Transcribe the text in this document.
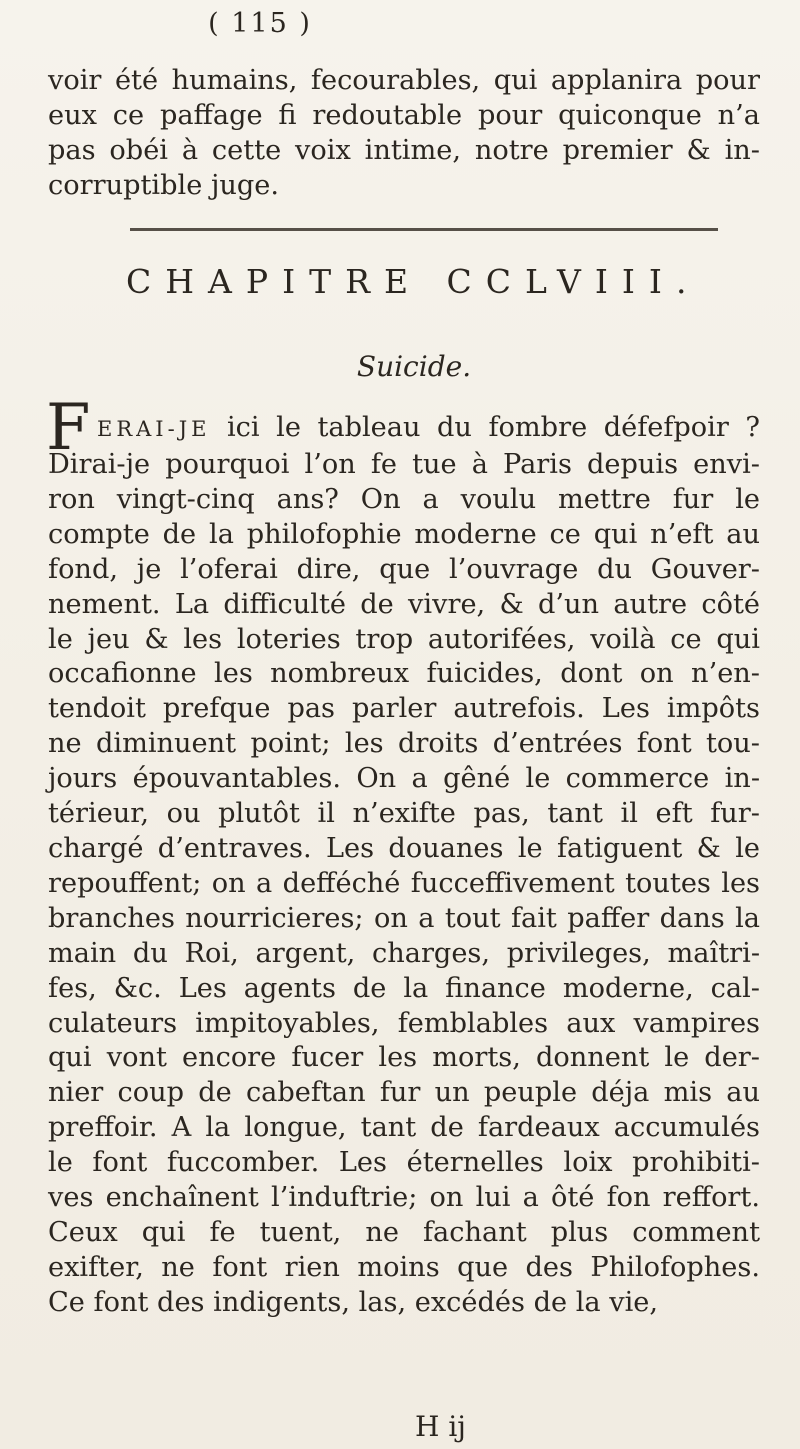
( 115 )
voir été humains, fecourables, qui applanira pour
eux ce paffage fi redoutable pour quiconque n’a
pas obéi à cette voix intime, notre premier & in-
corruptible juge.
CHAPITRE CCLVIII.
Suicide.
F ERAI-JE ici le tableau du fombre défefpoir ?
Dirai-je pourquoi l’on fe tue à Paris depuis envi-
ron vingt-cinq ans? On a voulu mettre fur le
compte de la philofophie moderne ce qui n’eft au
fond, je l’oferai dire, que l’ouvrage du Gouver-
nement. La difficulté de vivre, & d’un autre côté
le jeu & les loteries trop autorifées, voilà ce qui
occafionne les nombreux fuicides, dont on n’en-
tendoit prefque pas parler autrefois. Les impôts
ne diminuent point; les droits d’entrées font tou-
jours épouvantables. On a gêné le commerce in-
térieur, ou plutôt il n’exifte pas, tant il eft fur-
chargé d’entraves. Les douanes le fatiguent & le
repouffent; on a defféché fucceffivement toutes les
branches nourricieres; on a tout fait paffer dans la
main du Roi, argent, charges, privileges, maîtri-
fes, &c. Les agents de la finance moderne, cal-
culateurs impitoyables, femblables aux vampires
qui vont encore fucer les morts, donnent le der-
nier coup de cabeftan fur un peuple déja mis au
preffoir. A la longue, tant de fardeaux accumulés
le font fuccomber. Les éternelles loix prohibiti-
ves enchaînent l’induftrie; on lui a ôté fon reffort.
Ceux qui fe tuent, ne fachant plus comment
exifter, ne font rien moins que des Philofophes.
Ce font des indigents, las, excédés de la vie,
H ij
